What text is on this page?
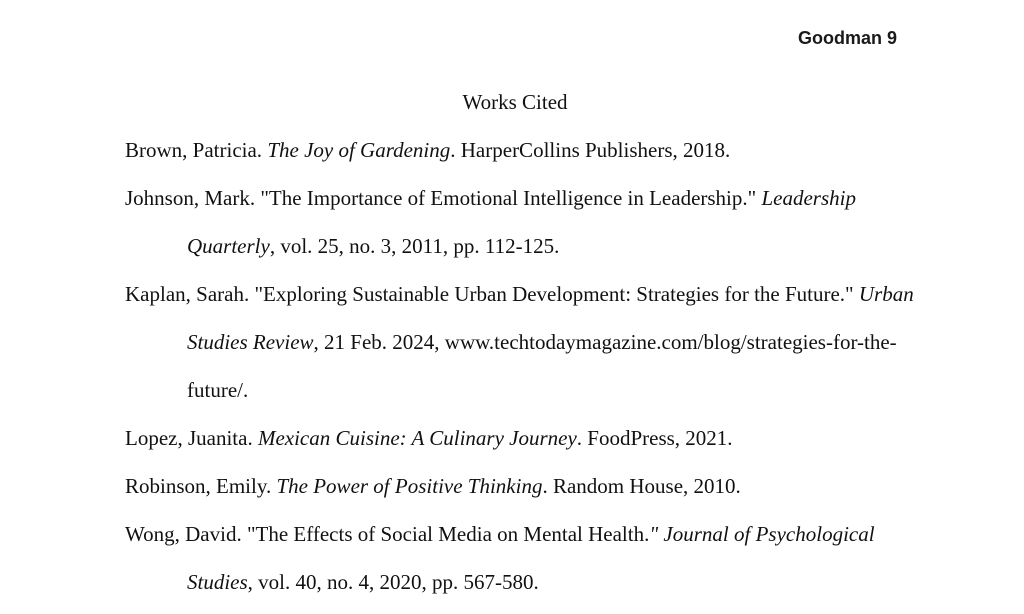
Goodman 9
Works Cited
Brown, Patricia. The Joy of Gardening. HarperCollins Publishers, 2018.
Johnson, Mark. "The Importance of Emotional Intelligence in Leadership." Leadership
Quarterly, vol. 25, no. 3, 2011, pp. 112-125.
Kaplan, Sarah. "Exploring Sustainable Urban Development: Strategies for the Future." Urban
Studies Review, 21 Feb. 2024, www.techtodaymagazine.com/blog/strategies-for-the-
future/.
Lopez, Juanita. Mexican Cuisine: A Culinary Journey. FoodPress, 2021.
Robinson, Emily. The Power of Positive Thinking. Random House, 2010.
Wong, David. "The Effects of Social Media on Mental Health." Journal of Psychological
Studies, vol. 40, no. 4, 2020, pp. 567-580.
